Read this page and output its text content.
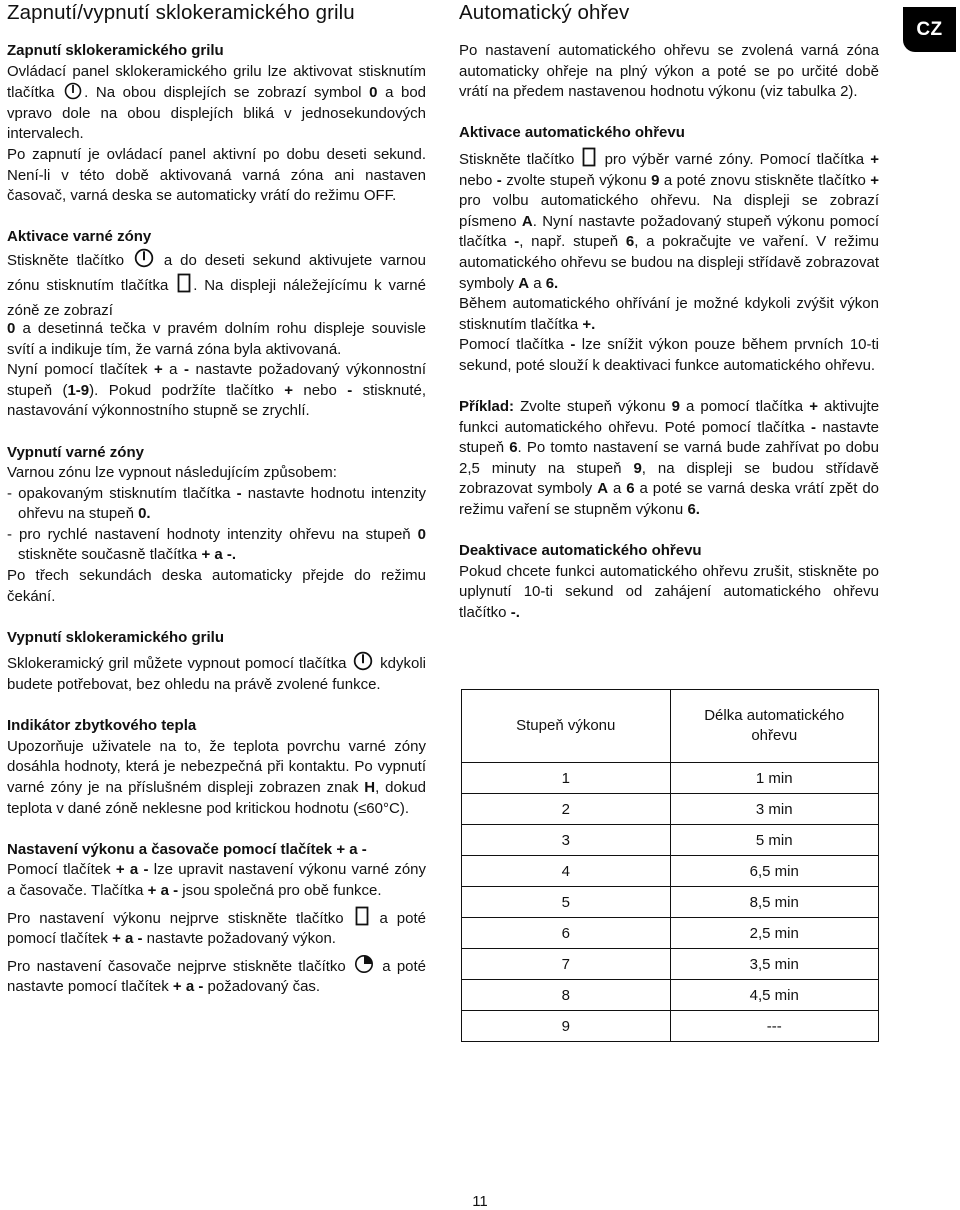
Zapnutí/vypnutí sklokeramického grilu
Zapnutí sklokeramického grilu

Ovládací panel sklokeramického grilu lze aktivovat stisknutím tlačítka . Na obou displejích se zobrazí symbol 0 a bod vpravo dole na obou displejích bliká v jednosekundových intervalech.

Po zapnutí je ovládací panel aktivní po dobu deseti sekund. Není-li v této době aktivovaná varná zóna ani nastaven časovač, varná deska se automaticky vrátí do režimu OFF.

Aktivace varné zóny

Stiskněte tlačítko	a do deseti sekund aktivujete varnou zónu stisknutím tlačítka . Na displeji náležejícímu k varné zóně ze zobrazí

0 a desetinná tečka v pravém dolním rohu displeje souvisle svítí a indikuje tím, že varná zóna byla aktivovaná.

Nyní pomocí tlačítek + a - nastavte požadovaný výkonnostní stupeň (1-9). Pokud podržíte tlačítko + nebo - stisknuté, nastavování výkonnostního stupně se zrychlí.

Vypnutí varné zóny

Varnou zónu lze vypnout následujícím způsobem:

- opakovaným stisknutím tlačítka - nastavte hodnotu intenzity ohřevu na stupeň 0.

- pro rychlé nastavení hodnoty intenzity ohřevu na stupeň 0 stiskněte současně tlačítka + a -.

Po třech sekundách deska automaticky přejde do režimu čekání.

Vypnutí sklokeramického grilu

Sklokeramický gril můžete vypnout pomocí tlačítka kdykoli budete potřebovat, bez ohledu na právě zvolené funkce.

Indikátor zbytkového tepla

Upozorňuje uživatele na to, že teplota povrchu varné zóny dosáhla hodnoty, která je nebezpečná při kontaktu. Po vypnutí varné zóny je na příslušném displeji zobrazen znak H, dokud teplota v dané zóně neklesne pod kritickou hodnotu (≤60°C).

Nastavení výkonu a časovače pomocí tlačítek + a -

Pomocí tlačítek + a - lze upravit nastavení výkonu varné zóny a časovače. Tlačítka + a - jsou společná pro obě funkce.

Pro nastavení výkonu nejprve stiskněte tlačítko a poté pomocí tlačítek + a - nastavte požadovaný výkon.

Pro nastavení časovače nejprve stiskněte tlačítko a poté nastavte pomocí tlačítek + a - požadovaný čas.

Automatický ohřev

Po nastavení automatického ohřevu se zvolená varná zóna automaticky ohřeje na plný výkon a poté se po určité době vrátí na předem nastavenou hodnotu výkonu (viz tabulka 2).

Aktivace automatického ohřevu

Stiskněte tlačítko pro výběr varné zóny. Pomocí tlačítka + nebo - zvolte stupeň výkonu 9 a poté znovu stiskněte tlačítko + pro volbu automatického ohřevu. Na displeji se zobrazí písmeno A. Nyní nastavte požadovaný stupeň výkonu pomocí tlačítka -, např. stupeň 6, a pokračujte ve vaření. V režimu automatického ohřevu se budou na displeji střídavě zobrazovat symboly A a 6.

Během automatického ohřívání je možné kdykoli zvýšit výkon stisknutím tlačítka +.

Pomocí tlačítka - lze snížit výkon pouze během prvních 10-ti sekund, poté slouží k deaktivaci funkce automatického ohřevu.

Příklad: Zvolte stupeň výkonu 9 a pomocí tlačítka + aktivujte funkci automatického ohřevu. Poté pomocí tlačítka - nastavte stupeň 6. Po tomto nastavení se varná bude zahřívat po dobu 2,5 minuty na stupeň 9, na displeji se budou střídavě zobrazovat symboly A a 6 a poté se varná deska vrátí zpět do režimu vaření se stupněm výkonu 6.

Deaktivace automatického ohřevu

Pokud chcete funkci automatického ohřevu zrušit, stiskněte po uplynutí 10-ti sekund od zahájení automatického ohřevu tlačítko -.

Stupeň výkonu	Délka automatického ohřevu
1	1 min
2	3 min
3	5 min
4	6,5 min
5	8,5 min
6	2,5 min
7	3,5 min
8	4,5 min
9	---
CZ
11
